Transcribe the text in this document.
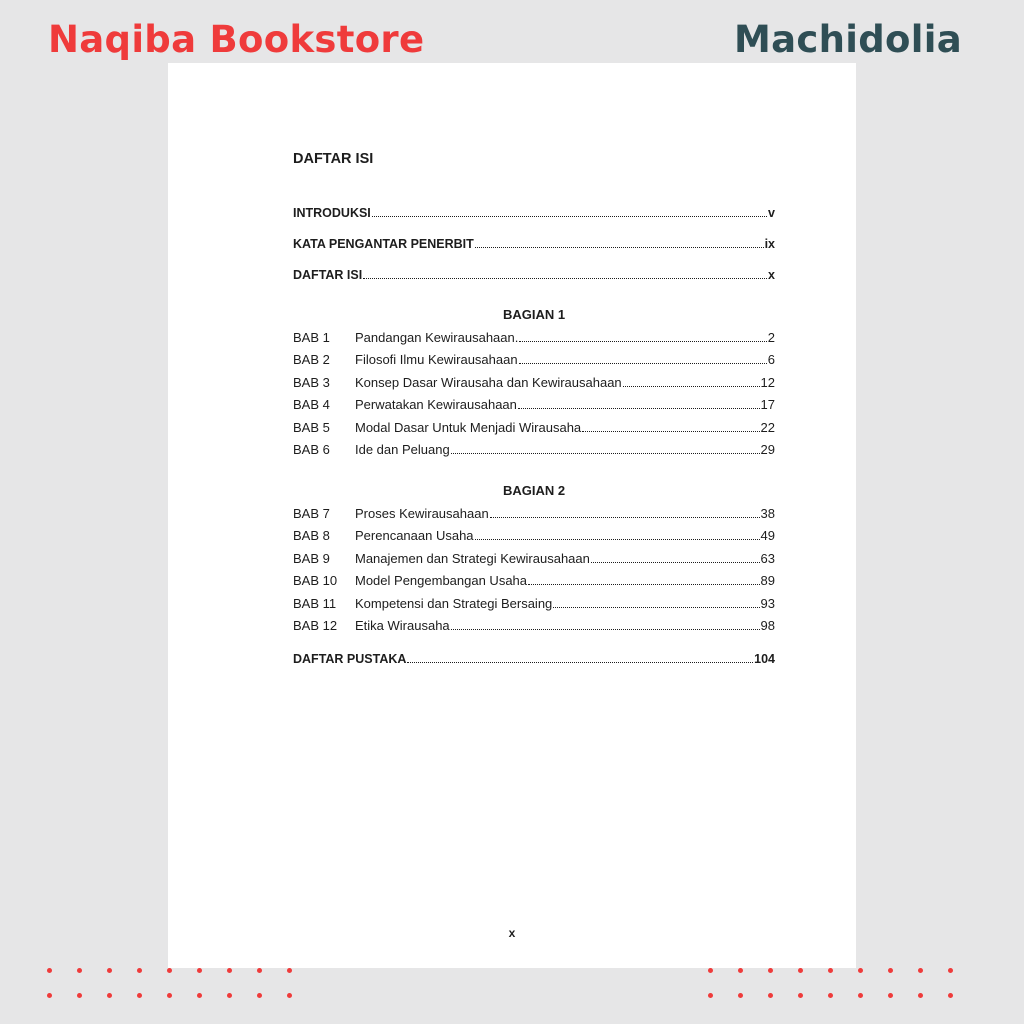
Naqiba Bookstore	Machidolia
DAFTAR ISI
INTRODUKSI	v
KATA PENGANTAR PENERBIT	ix
DAFTAR ISI	x
BAGIAN 1
BAB 1	Pandangan Kewirausahaan.	2
BAB 2	Filosofi Ilmu Kewirausahaan	6
BAB 3	Konsep Dasar Wirausaha dan Kewirausahaan	12
BAB 4	Perwatakan Kewirausahaan	17
BAB 5	Modal Dasar Untuk Menjadi Wirausaha	22
BAB 6	Ide dan Peluang	29
BAGIAN 2
BAB 7	Proses Kewirausahaan	38
BAB 8	Perencanaan Usaha	49
BAB 9	Manajemen dan Strategi Kewirausahaan	63
BAB 10	Model Pengembangan Usaha	89
BAB 11	Kompetensi dan Strategi Bersaing	93
BAB 12	Etika Wirausaha	98
DAFTAR PUSTAKA	104
x
